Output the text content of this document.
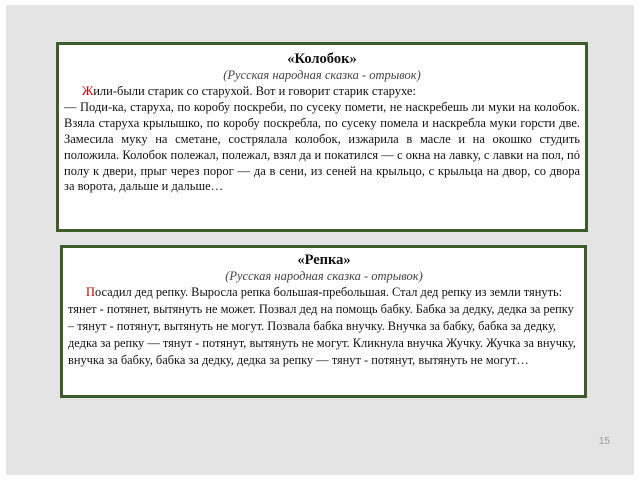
«Колобок»
(Русская народная сказка - отрывок)
Жили-были старик со старухой. Вот и говорит старик старухе:
— Поди-ка, старуха, по коробу поскреби, по сусеку помети, не наскребешь ли муки на колобок. Взяла старуха крылышко, по коробу поскребла, по сусеку помела и наскребла муки горсти две. Замесила муку на сметане, сострялала колобок, изжарила в масле и на окошко студить положила. Колобок полежал, полежал, взял да и покатился — с окна на лавку, с лавки на пол, пó полу к двери, прыг через порог — да в сени, из сеней на крыльцо, с крыльца на двор, со двора за ворота, дальше и дальше…
«Репка»
(Русская народная сказка - отрывок)
Посадил дед репку. Выросла репка большая-пребольшая. Стал дед репку из земли тянуть: тянет - потянет, вытянуть не может. Позвал дед на помощь бабку. Бабка за дедку, дедка за репку – тянут - потянут, вытянуть не могут. Позвала бабка внучку. Внучка за бабку, бабка за дедку, дедка за репку — тянут - потянут, вытянуть не могут. Кликнула внучка Жучку. Жучка за внучку, внучка за бабку, бабка за дедку, дедка за репку — тянут - потянут, вытянуть не могут…
15
